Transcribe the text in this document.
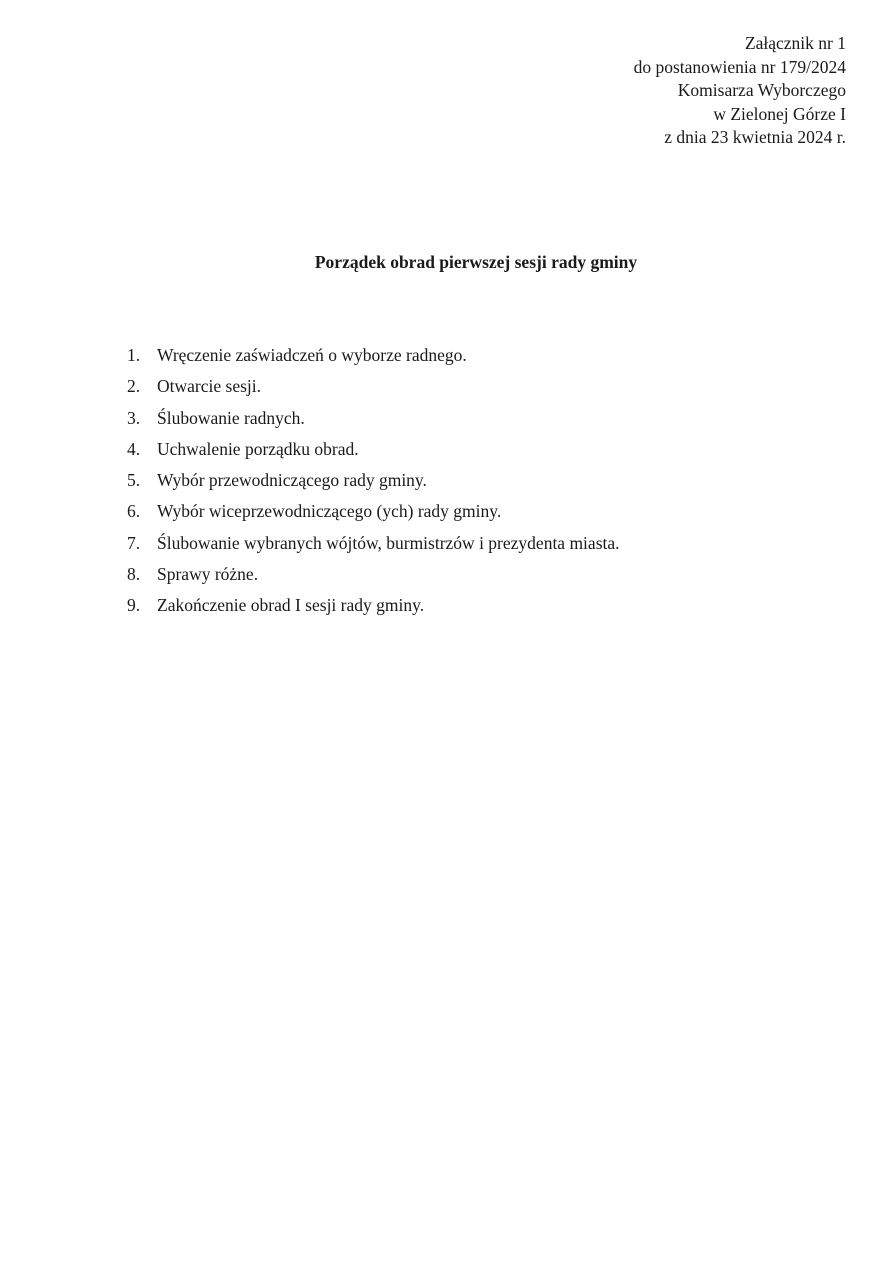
Załącznik nr 1
do postanowienia nr 179/2024
Komisarza Wyborczego
w Zielonej Górze I
z dnia 23 kwietnia 2024 r.
Porządek obrad pierwszej sesji rady gminy
1. Wręczenie zaświadczeń o wyborze radnego.
2. Otwarcie sesji.
3. Ślubowanie radnych.
4. Uchwalenie porządku obrad.
5. Wybór przewodniczącego rady gminy.
6. Wybór wiceprzewodniczącego (ych) rady gminy.
7. Ślubowanie wybranych wójtów, burmistrzów i prezydenta miasta.
8. Sprawy różne.
9. Zakończenie obrad I sesji rady gminy.
